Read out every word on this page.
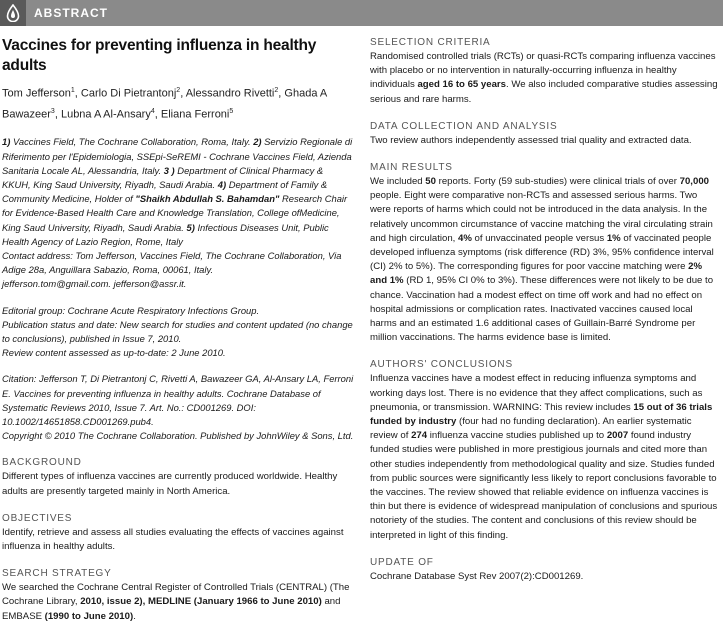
ABSTRACT
Vaccines for preventing influenza in healthy adults
Tom Jefferson$^1$, Carlo Di Pietrantonj$^2$, Alessandro Rivetti$^2$, Ghada A Bawazeer$^3$, Lubna A Al-Ansary$^4$, Eliana Ferroni$^5$
1) Vaccines Field, The Cochrane Collaboration, Roma, Italy. 2) Servizio Regionale di Riferimento per l'Epidemiologia, SSEpi-SeREMI - Cochrane Vaccines Field, Azienda Sanitaria Locale AL, Alessandria, Italy. 3 ) Department of Clinical Pharmacy & KKUH, King Saud University, Riyadh, Saudi Arabia. 4) Department of Family & Community Medicine, Holder of "Shaikh Abdullah S. Bahamdan" Research Chair for Evidence-Based Health Care and Knowledge Translation, College ofMedicine, King Saud University, Riyadh, Saudi Arabia. 5) Infectious Diseases Unit, Public Health Agency of Lazio Region, Rome, Italy
Contact address: Tom Jefferson, Vaccines Field, The Cochrane Collaboration, Via Adige 28a, Anguillara Sabazio, Roma, 00061, Italy.
jefferson.tom@gmail.com. jefferson@assr.it.
Editorial group: Cochrane Acute Respiratory Infections Group.
Publication status and date: New search for studies and content updated (no change to conclusions), published in Issue 7, 2010.
Review content assessed as up-to-date: 2 June 2010.
Citation: Jefferson T, Di Pietrantonj C, Rivetti A, Bawazeer GA, Al-Ansary LA, Ferroni E. Vaccines for preventing influenza in healthy adults. Cochrane Database of Systematic Reviews 2010, Issue 7. Art. No.: CD001269. DOI: 10.1002/14651858.CD001269.pub4.
Copyright © 2010 The Cochrane Collaboration. Published by JohnWiley & Sons, Ltd.
BACKGROUND
Different types of influenza vaccines are currently produced worldwide. Healthy adults are presently targeted mainly in North America.
OBJECTIVES
Identify, retrieve and assess all studies evaluating the effects of vaccines against influenza in healthy adults.
SEARCH STRATEGY
We searched the Cochrane Central Register of Controlled Trials (CENTRAL) (The Cochrane Library, 2010, issue 2), MEDLINE (January 1966 to June 2010) and EMBASE (1990 to June 2010).
SELECTION CRITERIA
Randomised controlled trials (RCTs) or quasi-RCTs comparing influenza vaccines with placebo or no intervention in naturally-occurring influenza in healthy individuals aged 16 to 65 years. We also included comparative studies assessing serious and rare harms.
DATA COLLECTION AND ANALYSIS
Two review authors independently assessed trial quality and extracted data.
MAIN RESULTS
We included 50 reports. Forty (59 sub-studies) were clinical trials of over 70,000 people. Eight were comparative non-RCTs and assessed serious harms. Two were reports of harms which could not be introduced in the data analysis. In the relatively uncommon circumstance of vaccine matching the viral circulating strain and high circulation, 4% of unvaccinated people versus 1% of vaccinated people developed influenza symptoms (risk difference (RD) 3%, 95% confidence interval (CI) 2% to 5%). The corresponding figures for poor vaccine matching were 2% and 1% (RD 1, 95% CI 0% to 3%). These differences were not likely to be due to chance. Vaccination had a modest effect on time off work and had no effect on hospital admissions or complication rates. Inactivated vaccines caused local harms and an estimated 1.6 additional cases of Guillain-Barré Syndrome per million vaccinations. The harms evidence base is limited.
AUTHORS' CONCLUSIONS
Influenza vaccines have a modest effect in reducing influenza symptoms and working days lost. There is no evidence that they affect complications, such as pneumonia, or transmission. WARNING: This review includes 15 out of 36 trials funded by industry (four had no funding declaration). An earlier systematic review of 274 influenza vaccine studies published up to 2007 found industry funded studies were published in more prestigious journals and cited more than other studies independently from methodological quality and size. Studies funded from public sources were significantly less likely to report conclusions favorable to the vaccines. The review showed that reliable evidence on influenza vaccines is thin but there is evidence of widespread manipulation of conclusions and spurious notoriety of the studies. The content and conclusions of this review should be interpreted in light of this finding.
UPDATE OF
Cochrane Database Syst Rev 2007(2):CD001269.
